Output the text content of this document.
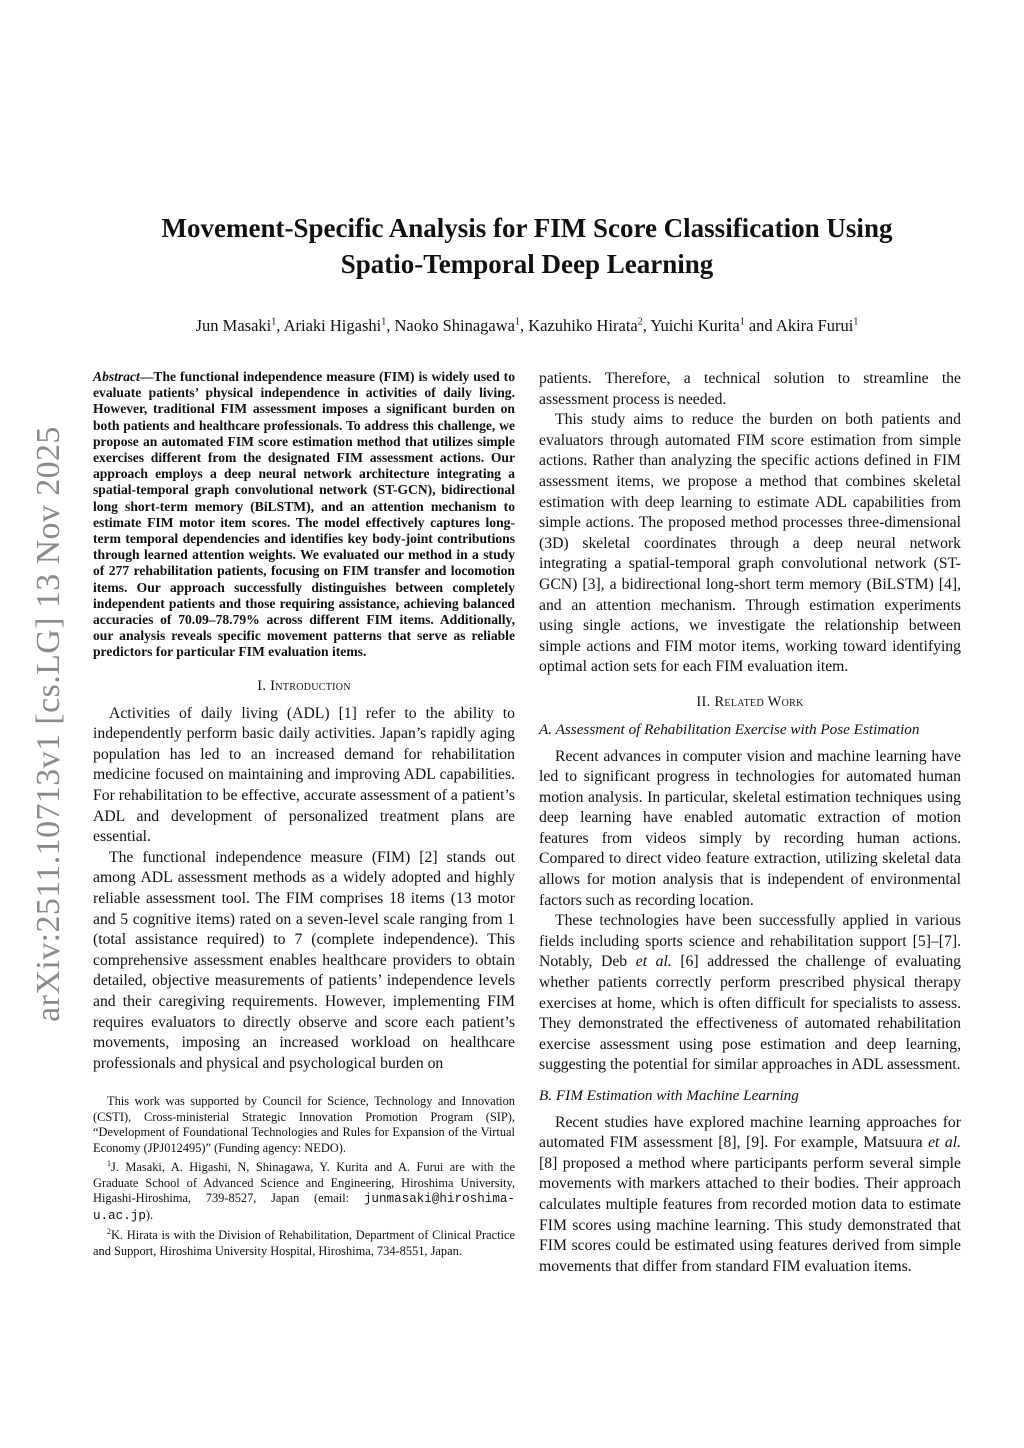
arXiv:2511.10713v1 [cs.LG] 13 Nov 2025
Movement-Specific Analysis for FIM Score Classification Using
Spatio-Temporal Deep Learning
Jun Masaki$^1$, Ariaki Higashi$^1$, Naoko Shinagawa$^1$, Kazuhiko Hirata$^2$, Yuichi Kurita$^1$ and Akira Furui$^1$

Abstract—The functional independence measure (FIM) is widely used to evaluate patients’ physical independence in activities of daily living. However, traditional FIM assessment imposes a significant burden on both patients and healthcare professionals. To address this challenge, we propose an automated FIM score estimation method that utilizes simple exercises different from the designated FIM assessment actions. Our approach employs a deep neural network architecture integrating a spatial-temporal graph convolutional network (ST-GCN), bidirectional long short-term memory (BiLSTM), and an attention mechanism to estimate FIM motor item scores. The model effectively captures long-term temporal dependencies and identifies key body-joint contributions through learned attention weights. We evaluated our method in a study of 277 rehabilitation patients, focusing on FIM transfer and locomotion items. Our approach successfully distinguishes between completely independent patients and those requiring assistance, achieving balanced accuracies of 70.09–78.79% across different FIM items. Additionally, our analysis reveals specific movement patterns that serve as reliable predictors for particular FIM evaluation items.

I. Introduction

Activities of daily living (ADL) [1] refer to the ability to independently perform basic daily activities. Japan’s rapidly aging population has led to an increased demand for rehabilitation medicine focused on maintaining and improving ADL capabilities. For rehabilitation to be effective, accurate assessment of a patient’s ADL and development of personalized treatment plans are essential.

The functional independence measure (FIM) [2] stands out among ADL assessment methods as a widely adopted and highly reliable assessment tool. The FIM comprises 18 items (13 motor and 5 cognitive items) rated on a seven-level scale ranging from 1 (total assistance required) to 7 (complete independence). This comprehensive assessment enables healthcare providers to obtain detailed, objective measurements of patients’ independence levels and their caregiving requirements. However, implementing FIM requires evaluators to directly observe and score each patient’s movements, imposing an increased workload on healthcare professionals and physical and psychological burden on

This work was supported by Council for Science, Technology and Innovation (CSTI), Cross-ministerial Strategic Innovation Promotion Program (SIP), “Development of Foundational Technologies and Rules for Expansion of the Virtual Economy (JPJ012495)” (Funding agency: NEDO).

$^1$J. Masaki, A. Higashi, N, Shinagawa, Y. Kurita and A. Furui are with the Graduate School of Advanced Science and Engineering, Hiroshima University, Higashi-Hiroshima, 739-8527, Japan (email: junmasaki@hiroshima-u.ac.jp).

$^2$K. Hirata is with the Division of Rehabilitation, Department of Clinical Practice and Support, Hiroshima University Hospital, Hiroshima, 734-8551, Japan.

patients. Therefore, a technical solution to streamline the assessment process is needed.

This study aims to reduce the burden on both patients and evaluators through automated FIM score estimation from simple actions. Rather than analyzing the specific actions defined in FIM assessment items, we propose a method that combines skeletal estimation with deep learning to estimate ADL capabilities from simple actions. The proposed method processes three-dimensional (3D) skeletal coordinates through a deep neural network integrating a spatial-temporal graph convolutional network (ST-GCN) [3], a bidirectional long-short term memory (BiLSTM) [4], and an attention mechanism. Through estimation experiments using single actions, we investigate the relationship between simple actions and FIM motor items, working toward identifying optimal action sets for each FIM evaluation item.

II. Related Work
A. Assessment of Rehabilitation Exercise with Pose Estimation

Recent advances in computer vision and machine learning have led to significant progress in technologies for automated human motion analysis. In particular, skeletal estimation techniques using deep learning have enabled automatic extraction of motion features from videos simply by recording human actions. Compared to direct video feature extraction, utilizing skeletal data allows for motion analysis that is independent of environmental factors such as recording location.

These technologies have been successfully applied in various fields including sports science and rehabilitation support [5]–[7]. Notably, Deb et al. [6] addressed the challenge of evaluating whether patients correctly perform prescribed physical therapy exercises at home, which is often difficult for specialists to assess. They demonstrated the effectiveness of automated rehabilitation exercise assessment using pose estimation and deep learning, suggesting the potential for similar approaches in ADL assessment.

B. FIM Estimation with Machine Learning

Recent studies have explored machine learning approaches for automated FIM assessment [8], [9]. For example, Matsuura et al. [8] proposed a method where participants perform several simple movements with markers attached to their bodies. Their approach calculates multiple features from recorded motion data to estimate FIM scores using machine learning. This study demonstrated that FIM scores could be estimated using features derived from simple movements that differ from standard FIM evaluation items.
